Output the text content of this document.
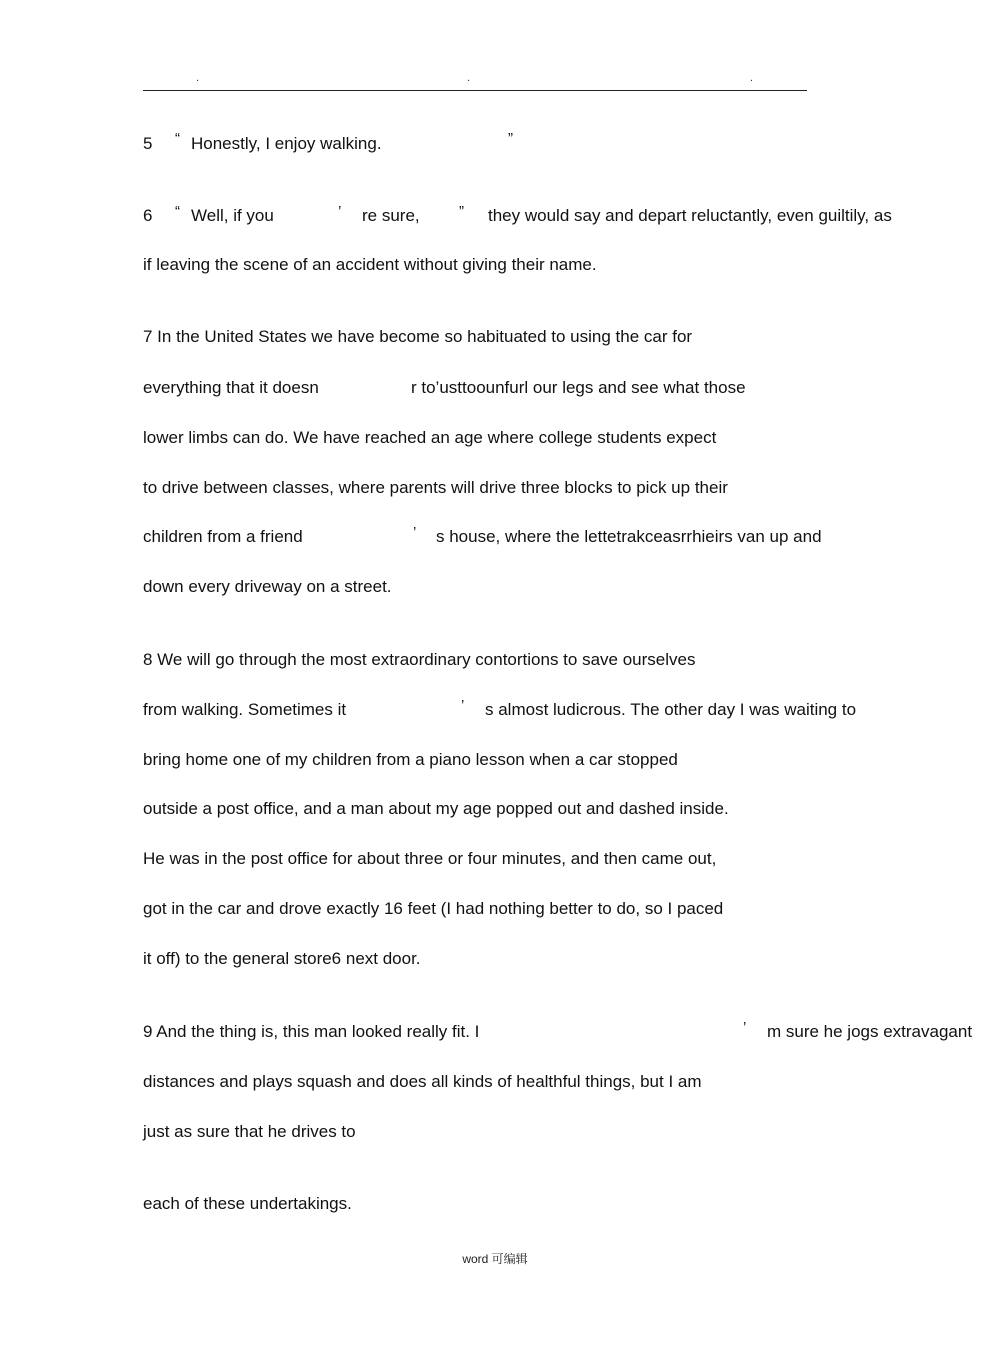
.	.	.
5 “ Honestly, I enjoy walking.	”
6 “ Well, if you	’ re sure,	” they would say and depart reluctantly, even guiltily, as
if leaving the scene of an accident without giving their name.
7 In the United States we have become so habituated to using the car for
everything that it doesn	r to’usttoounfurl our legs and see what those
lower limbs can do. We have reached an age where college students expect
to drive between classes, where parents will drive three blocks to pick up their
children from a friend	’ s house, where the lettetrakceasrrhieirs van up and
down every driveway on a street.
8 We will go through the most extraordinary contortions to save ourselves
from walking. Sometimes it	’ s almost ludicrous. The other day I was waiting to
bring home one of my children from a piano lesson when a car stopped
outside a post office, and a man about my age popped out and dashed inside.
He was in the post office for about three or four minutes, and then came out,
got in the car and drove exactly 16 feet (I had nothing better to do, so I paced
it off) to the general store6 next door.
9 And the thing is, this man looked really fit. I	’ m sure he jogs extravagant
distances and plays squash and does all kinds of healthful things, but I am
just as sure that he drives to
each of these undertakings.
word 可编辑
